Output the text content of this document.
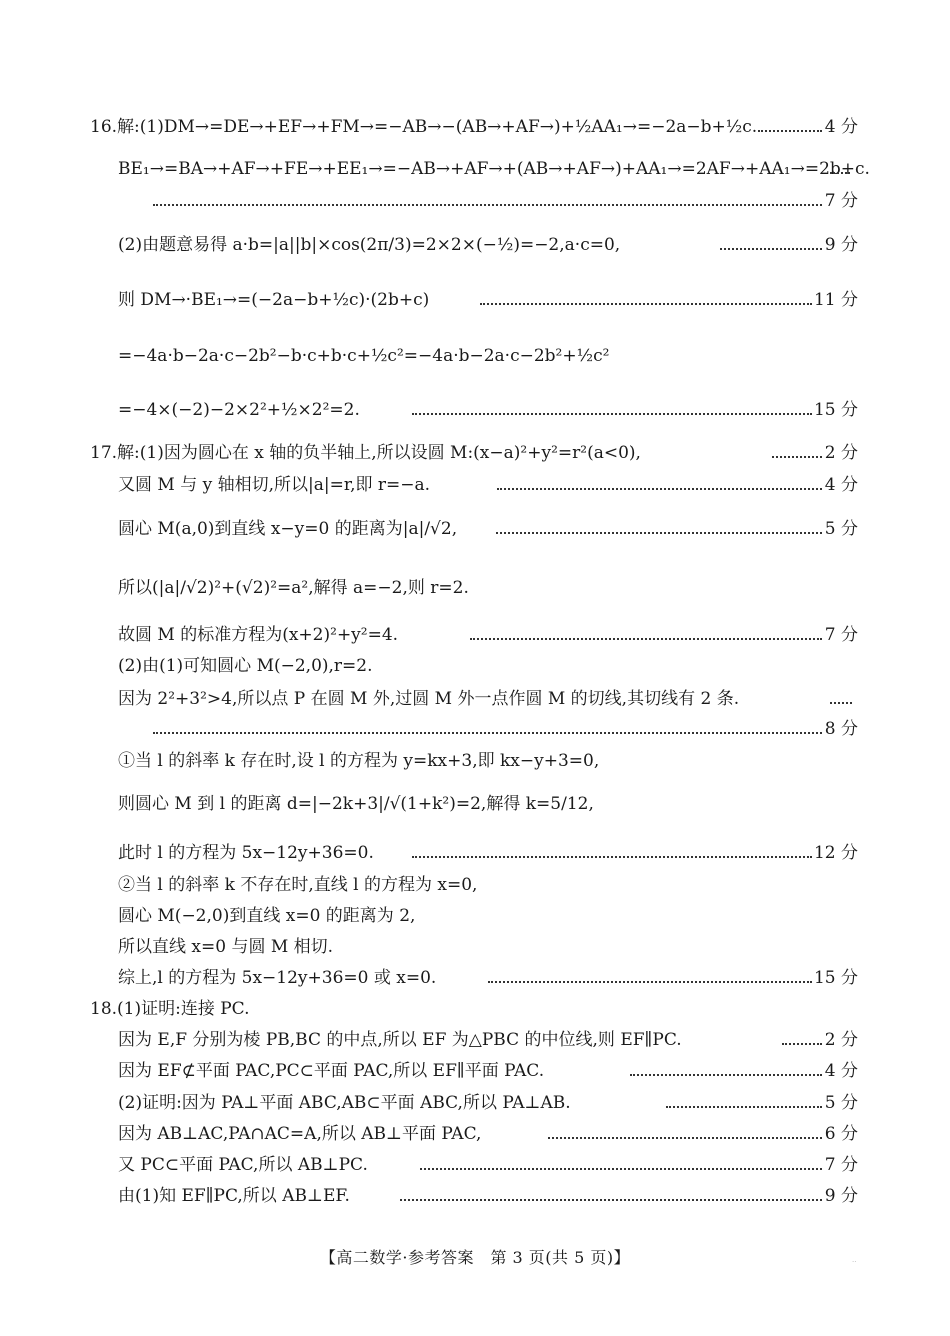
16.解:(1)DM→=DE→+EF→+FM→=−AB→−(AB→+AF→)+½AA₁→=−2a−b+½c.	4 分
BE₁→=BA→+AF→+FE→+EE₁→=−AB→+AF→+(AB→+AF→)+AA₁→=2AF→+AA₁→=2b+c.
7 分
(2)由题意易得 a·b=|a||b|×cos(2π/3)=2×2×(−½)=−2,a·c=0,	9 分
则 DM→·BE₁→=(−2a−b+½c)·(2b+c)	11 分
=−4a·b−2a·c−2b²−b·c+b·c+½c²=−4a·b−2a·c−2b²+½c²
=−4×(−2)−2×2²+½×2²=2.	15 分
17.解:(1)因为圆心在 x 轴的负半轴上,所以设圆 M:(x−a)²+y²=r²(a<0),	2 分
又圆 M 与 y 轴相切,所以|a|=r,即 r=−a.	4 分
圆心 M(a,0)到直线 x−y=0 的距离为|a|/√2,	5 分
所以(|a|/√2)²+(√2)²=a²,解得 a=−2,则 r=2.
故圆 M 的标准方程为(x+2)²+y²=4.	7 分
(2)由(1)可知圆心 M(−2,0),r=2.
因为 2²+3²>4,所以点 P 在圆 M 外,过圆 M 外一点作圆 M 的切线,其切线有 2 条.
8 分
①当 l 的斜率 k 存在时,设 l 的方程为 y=kx+3,即 kx−y+3=0,
则圆心 M 到 l 的距离 d=|−2k+3|/√(1+k²)=2,解得 k=5/12,
此时 l 的方程为 5x−12y+36=0.	12 分
②当 l 的斜率 k 不存在时,直线 l 的方程为 x=0,
圆心 M(−2,0)到直线 x=0 的距离为 2,
所以直线 x=0 与圆 M 相切.
综上,l 的方程为 5x−12y+36=0 或 x=0.	15 分
18.(1)证明:连接 PC.
因为 E,F 分别为棱 PB,BC 的中点,所以 EF 为△PBC 的中位线,则 EF∥PC.	2 分
因为 EF⊄平面 PAC,PC⊂平面 PAC,所以 EF∥平面 PAC.	4 分
(2)证明:因为 PA⊥平面 ABC,AB⊂平面 ABC,所以 PA⊥AB.	5 分
因为 AB⊥AC,PA∩AC=A,所以 AB⊥平面 PAC,	6 分
又 PC⊂平面 PAC,所以 AB⊥PC.	7 分
由(1)知 EF∥PC,所以 AB⊥EF.	9 分
【高二数学·参考答案　第 3 页(共 5 页)】	··
